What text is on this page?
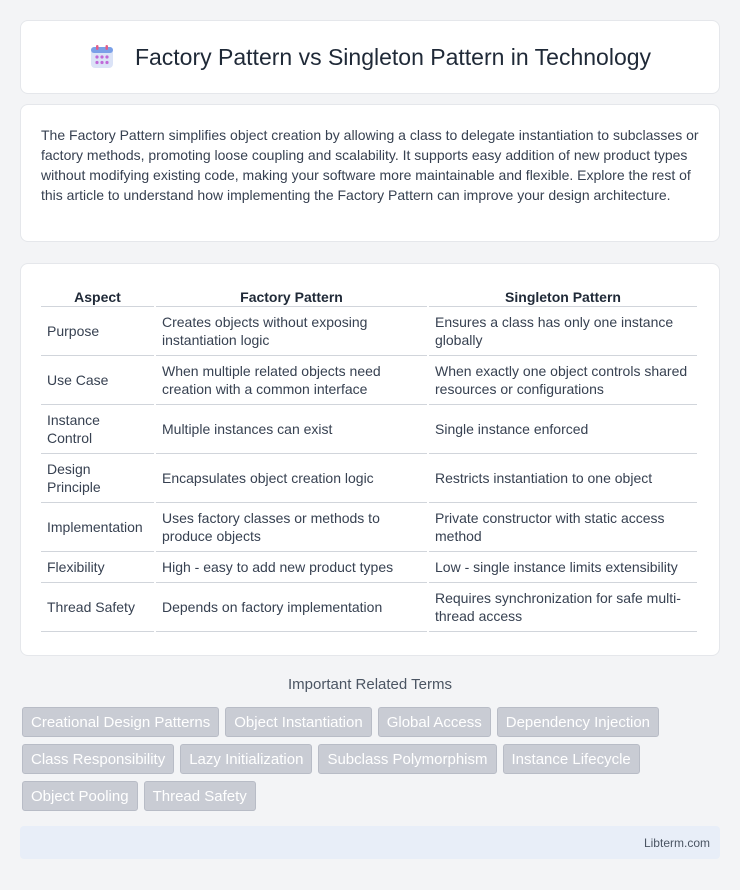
Factory Pattern vs Singleton Pattern in Technology

The Factory Pattern simplifies object creation by allowing a class to delegate instantiation to subclasses or factory methods, promoting loose coupling and scalability. It supports easy addition of new product types without modifying existing code, making your software more maintainable and flexible. Explore the rest of this article to understand how implementing the Factory Pattern can improve your design architecture.

Aspect	Factory Pattern	Singleton Pattern
Purpose	Creates objects without exposing instantiation logic	Ensures a class has only one instance globally
Use Case	When multiple related objects need creation with a common interface	When exactly one object controls shared resources or configurations
Instance Control	Multiple instances can exist	Single instance enforced
Design Principle	Encapsulates object creation logic	Restricts instantiation to one object
Implementation	Uses factory classes or methods to produce objects	Private constructor with static access method
Flexibility	High - easy to add new product types	Low - single instance limits extensibility
Thread Safety	Depends on factory implementation	Requires synchronization for safe multi-thread access
Important Related Terms
Creational Design Patterns	Object Instantiation	Global Access	Dependency Injection
Class Responsibility	Lazy Initialization	Subclass Polymorphism	Instance Lifecycle
Object Pooling	Thread Safety
Libterm.com
